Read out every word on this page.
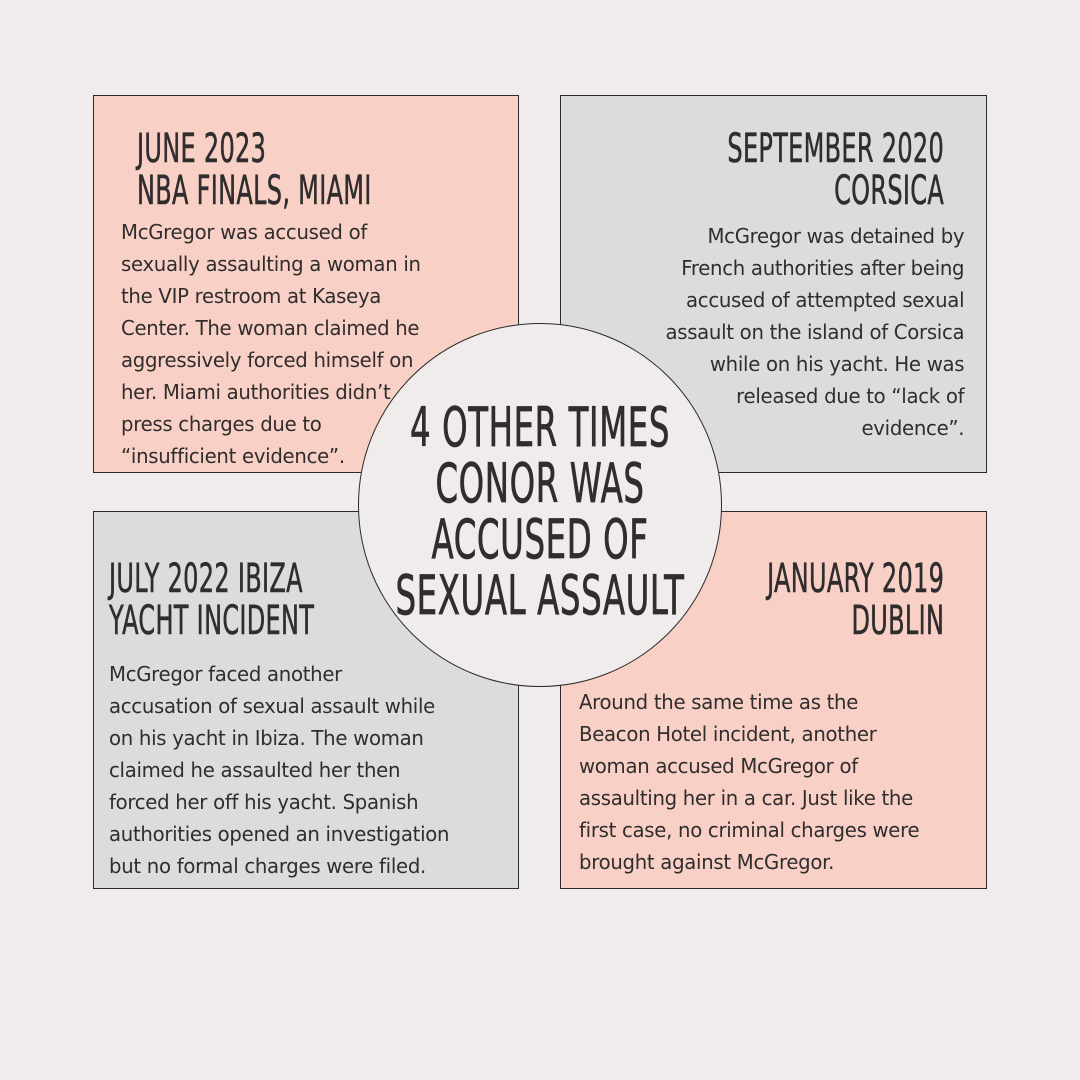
JUNE 2023
NBA FINALS, MIAMI

McGregor was accused of
sexually assaulting a woman in
the VIP restroom at Kaseya
Center. The woman claimed he
aggressively forced himself on
her. Miami authorities didn’t
press charges due to
“insufficient evidence”.

SEPTEMBER 2020
CORSICA

McGregor was detained by
French authorities after being
accused of attempted sexual
assault on the island of Corsica
while on his yacht. He was
released due to “lack of
evidence”.

JULY 2022 IBIZA
YACHT INCIDENT

McGregor faced another
accusation of sexual assault while
on his yacht in Ibiza. The woman
claimed he assaulted her then
forced her off his yacht. Spanish
authorities opened an investigation
but no formal charges were filed.

JANUARY 2019
DUBLIN

Around the same time as the
Beacon Hotel incident, another
woman accused McGregor of
assaulting her in a car. Just like the
first case, no criminal charges were
brought against McGregor.

4 OTHER TIMES
CONOR WAS
ACCUSED OF
SEXUAL ASSAULT
